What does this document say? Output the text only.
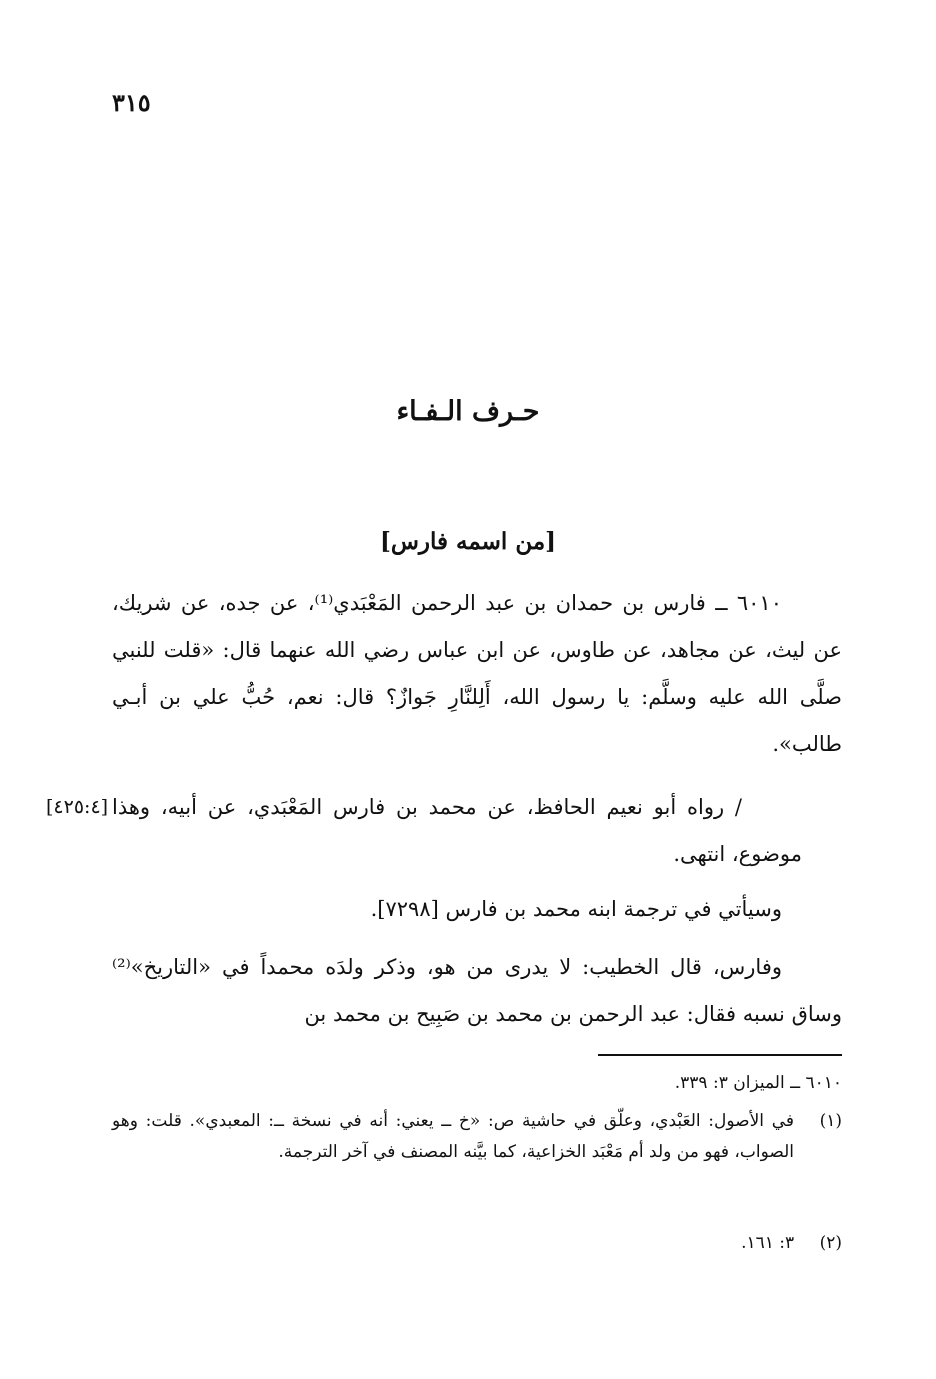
٣١٥
حـرف الـفـاء
[من اسمه فارس]

٦٠١٠ ــ فارس بن حمدان بن عبد الرحمن المَعْبَدي⁽¹⁾، عن جده، عن شريك، عن ليث، عن مجاهد، عن طاوس، عن ابن عباس رضي الله عنهما قال: «قلت للنبي صلَّى الله عليه وسلَّم: يا رسول الله، أَلِلنَّارِ جَوازٌ؟ قال: نعم، حُبُّ علي بن أبـي طالب».

/ رواه أبو نعيم الحافظ، عن محمد بن فارس المَعْبَدي، عن أبيه، وهذا موضوع، انتهى.

[٤٢٥:٤]

وسيأتي في ترجمة ابنه محمد بن فارس [٧٢٩٨].

وفارس، قال الخطيب: لا يدرى من هو، وذكر ولدَه محمداً في «التاريخ»⁽²⁾ وساق نسبه فقال: عبد الرحمن بن محمد بن صَبِيح بن محمد بن

٦٠١٠ ــ الميزان ٣: ٣٣٩.
(١)
في الأصول: العَبْدي، وعلّق في حاشية ص: «خ ــ يعني: أنه في نسخة ــ: المعبدي». قلت: وهو الصواب، فهو من ولد أم مَعْبَد الخزاعية، كما بيَّنه المصنف في آخر الترجمة.
(٢) ٣: ١٦١.
